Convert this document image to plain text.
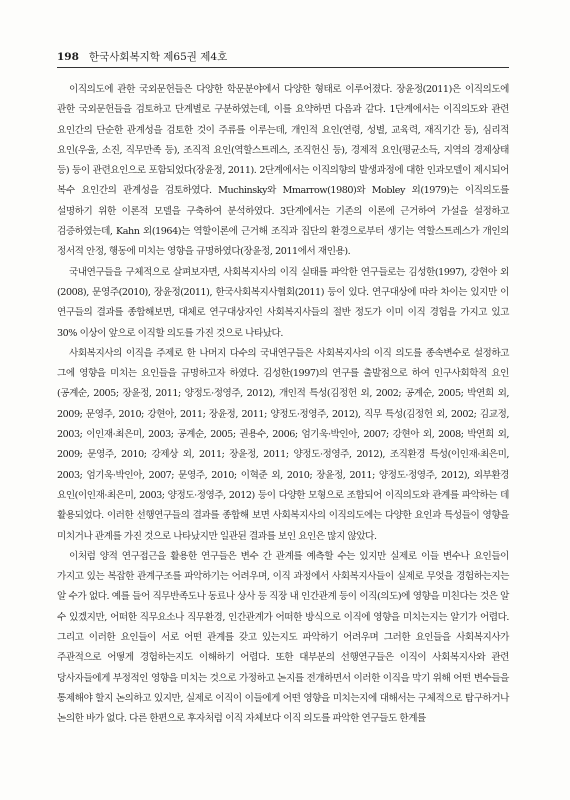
198 한국사회복지학 제65권 제4호

이직의도에 관한 국외문헌들은 다양한 학문분야에서 다양한 형태로 이루어졌다. 장윤정(2011)은 이직의도에 관한 국외문헌들을 검토하고 단계별로 구분하였는데, 이를 요약하면 다음과 같다. 1단계에서는 이직의도와 관련 요인간의 단순한 관계성을 검토한 것이 주류를 이루는데, 개인적 요인(연령, 성별, 교육력, 재직기간 등), 심리적 요인(우울, 소진, 직무만족 등), 조직적 요인(역할스트레스, 조직헌신 등), 경제적 요인(평균소득, 지역의 경제상태 등) 등이 관련요인으로 포함되었다(장윤정, 2011). 2단계에서는 이직의향의 발생과정에 대한 인과모델이 제시되어 복수 요인간의 관계성을 검토하였다. Muchinsky와 Mmarrow(1980)와 Mobley 외(1979)는 이직의도를 설명하기 위한 이론적 모델을 구축하여 분석하였다. 3단계에서는 기존의 이론에 근거하여 가설을 설정하고 검증하였는데, Kahn 외(1964)는 역할이론에 근거해 조직과 집단의 환경으로부터 생기는 역할스트레스가 개인의 정서적 안정, 행동에 미치는 영향을 규명하였다(장윤정, 2011에서 재인용).

국내연구들을 구체적으로 살펴보자면, 사회복지사의 이직 실태를 파악한 연구들로는 김성한(1997), 강현아 외(2008), 문영주(2010), 장윤정(2011), 한국사회복지사협회(2011) 등이 있다. 연구대상에 따라 차이는 있지만 이 연구들의 결과를 종합해보면, 대체로 연구대상자인 사회복지사들의 절반 정도가 이미 이직 경험을 가지고 있고 30% 이상이 앞으로 이직할 의도를 가진 것으로 나타났다.

사회복지사의 이직을 주제로 한 나머지 다수의 국내연구들은 사회복지사의 이직 의도를 종속변수로 설정하고 그에 영향을 미치는 요인들을 규명하고자 하였다. 김성한(1997)의 연구를 출발점으로 하여 인구사회학적 요인(공계순, 2005; 장윤정, 2011; 양정도·정영주, 2012), 개인적 특성(김정헌 외, 2002; 공계순, 2005; 박연희 외, 2009; 문영주, 2010; 강현아, 2011; 장윤정, 2011; 양정도·정영주, 2012), 직무 특성(김정헌 외, 2002; 김교정, 2003; 이인재·최은미, 2003; 공계순, 2005; 권용수, 2006; 엄기욱·박인아, 2007; 강현아 외, 2008; 박연희 외, 2009; 문영주, 2010; 강제상 외, 2011; 장윤정, 2011; 양정도·정영주, 2012), 조직환경 특성(이인재·최은미, 2003; 엄기욱·박인아, 2007; 문영주, 2010; 이혁준 외, 2010; 장윤정, 2011; 양정도·정영주, 2012), 외부환경 요인(이인재·최은미, 2003; 양정도·정영주, 2012) 등이 다양한 모형으로 조합되어 이직의도와 관계를 파악하는 데 활용되었다. 이러한 선행연구들의 결과를 종합해 보면 사회복지사의 이직의도에는 다양한 요인과 특성들이 영향을 미치거나 관계를 가진 것으로 나타났지만 일관된 결과를 보인 요인은 많지 않았다.

이처럼 양적 연구접근을 활용한 연구들은 변수 간 관계를 예측할 수는 있지만 실제로 이들 변수나 요인들이 가지고 있는 복잡한 관계구조를 파악하기는 어려우며, 이직 과정에서 사회복지사들이 실제로 무엇을 경험하는지는 알 수가 없다. 예를 들어 직무반족도나 동료나 상사 등 직장 내 인간관계 등이 이직(의도)에 영향을 미친다는 것은 알 수 있겠지만, 어떠한 직무요소나 직무환경, 인간관계가 어떠한 방식으로 이직에 영향을 미치는지는 알기가 어렵다. 그리고 이러한 요인들이 서로 어떤 관계를 갖고 있는지도 파악하기 어려우며 그러한 요인들을 사회복지사가 주관적으로 어떻게 경험하는지도 이해하기 어렵다. 또한 대부분의 선행연구들은 이직이 사회복지사와 관련 당사자들에게 부정적인 영향을 미치는 것으로 가정하고 논지를 전개하면서 이러한 이직을 막기 위해 어떤 변수들을 통제해야 할지 논의하고 있지만, 실제로 이직이 이들에게 어떤 영향을 미치는지에 대해서는 구체적으로 탐구하거나 논의한 바가 없다. 다른 한편으로 후자처럼 이직 자체보다 이직 의도를 파악한 연구들도 한계를
